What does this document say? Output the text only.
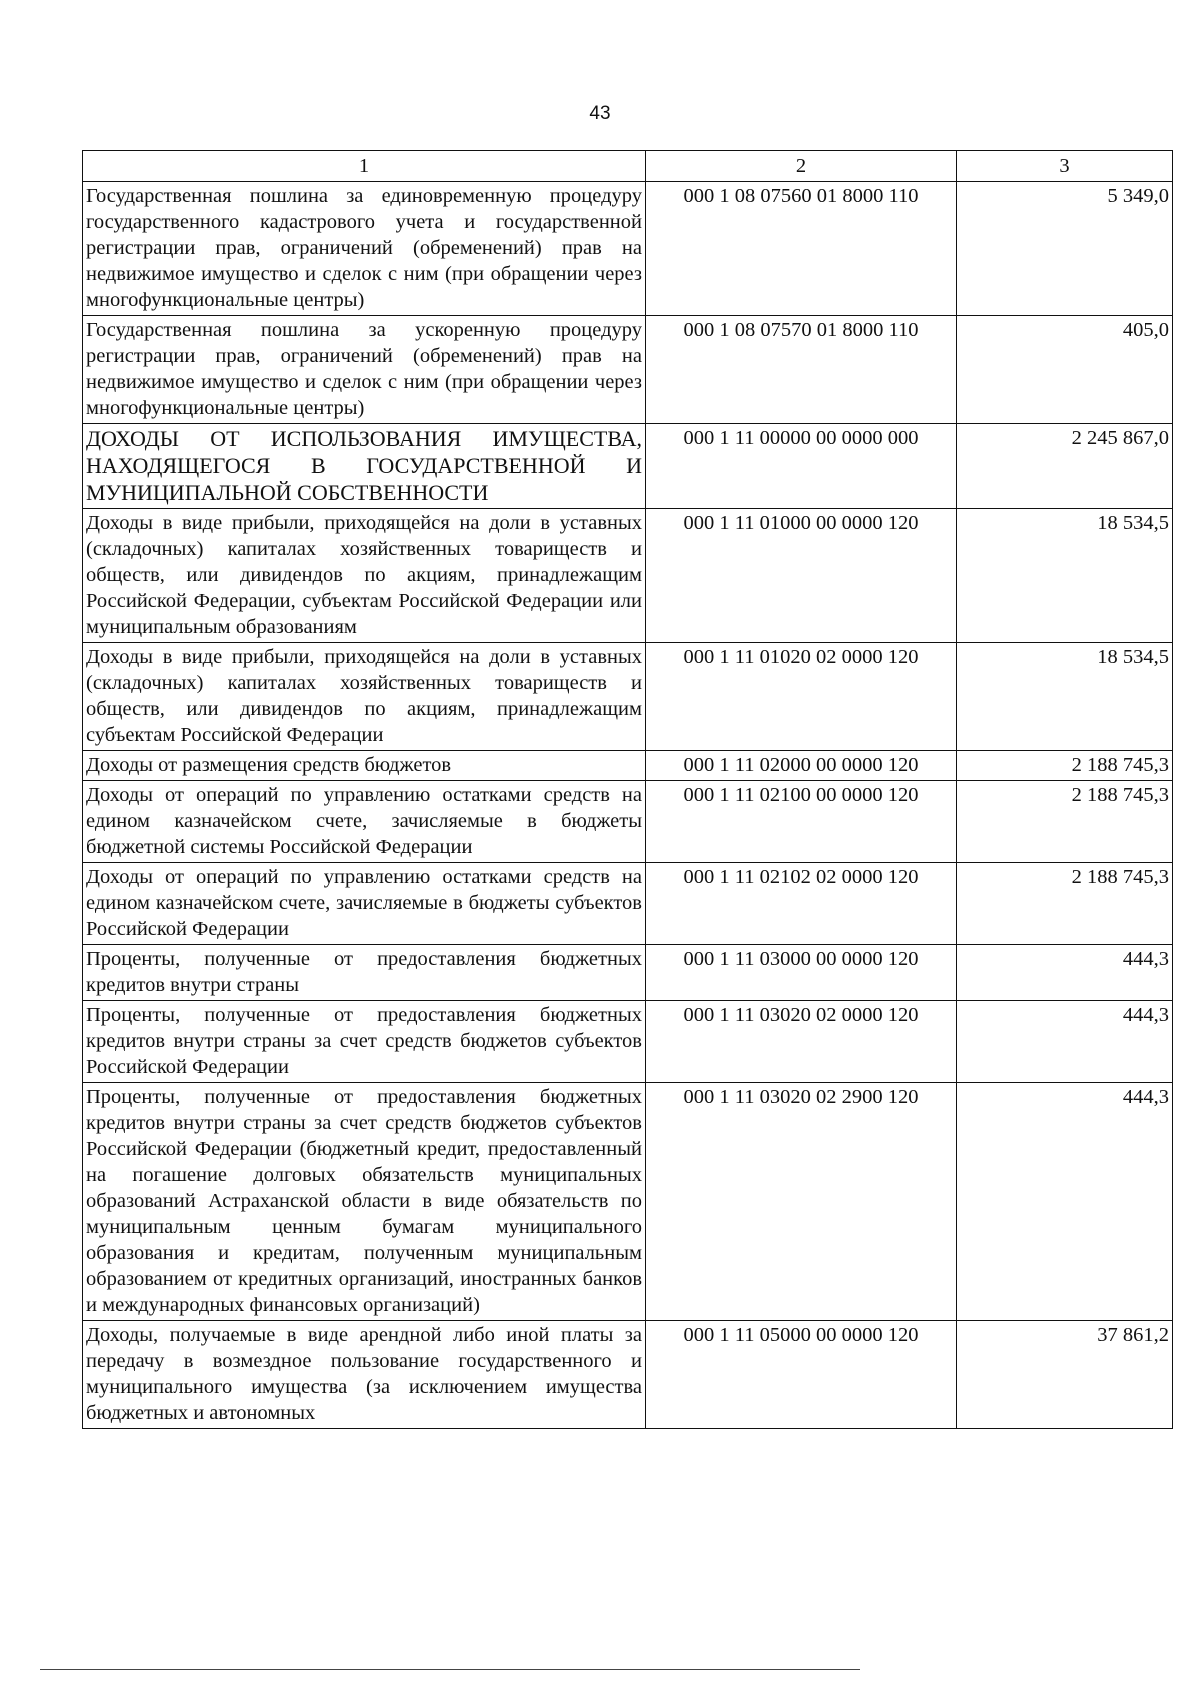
43
1	2	3
Государственная пошлина за единовременную процедуру государственного кадастрового учета и государственной регистрации прав, ограничений (обременений) прав на недвижимое имущество и сделок с ним (при обращении через многофункциональные центры)	000 1 08 07560 01 8000 110	5 349,0
Государственная пошлина за ускоренную процедуру регистрации прав, ограничений (обременений) прав на недвижимое имущество и сделок с ним (при обращении через многофункциональные центры)	000 1 08 07570 01 8000 110	405,0
ДОХОДЫ ОТ ИСПОЛЬЗОВАНИЯ ИМУЩЕСТВА, НАХОДЯЩЕГОСЯ В ГОСУДАРСТВЕННОЙ И МУНИЦИПАЛЬНОЙ СОБСТВЕННОСТИ	000 1 11 00000 00 0000 000	2 245 867,0
Доходы в виде прибыли, приходящейся на доли в уставных (складочных) капиталах хозяйственных товариществ и обществ, или дивидендов по акциям, принадлежащим Российской Федерации, субъектам Российской Федерации или муниципальным образованиям	000 1 11 01000 00 0000 120	18 534,5
Доходы в виде прибыли, приходящейся на доли в уставных (складочных) капиталах хозяйственных товариществ и обществ, или дивидендов по акциям, принадлежащим субъектам Российской Федерации	000 1 11 01020 02 0000 120	18 534,5
Доходы от размещения средств бюджетов	000 1 11 02000 00 0000 120	2 188 745,3
Доходы от операций по управлению остатками средств на едином казначейском счете, зачисляемые в бюджеты бюджетной системы Российской Федерации	000 1 11 02100 00 0000 120	2 188 745,3
Доходы от операций по управлению остатками средств на едином казначейском счете, зачисляемые в бюджеты субъектов Российской Федерации	000 1 11 02102 02 0000 120	2 188 745,3
Проценты, полученные от предоставления бюджетных кредитов внутри страны	000 1 11 03000 00 0000 120	444,3
Проценты, полученные от предоставления бюджетных кредитов внутри страны за счет средств бюджетов субъектов Российской Федерации	000 1 11 03020 02 0000 120	444,3
Проценты, полученные от предоставления бюджетных кредитов внутри страны за счет средств бюджетов субъектов Российской Федерации (бюджетный кредит, предоставленный на погашение долговых обязательств муниципальных образований Астраханской области в виде обязательств по муниципальным ценным бумагам муниципального образования и кредитам, полученным муниципальным образованием от кредитных организаций, иностранных банков и международных финансовых организаций)	000 1 11 03020 02 2900 120	444,3
Доходы, получаемые в виде арендной либо иной платы за передачу в возмездное пользование государственного и муниципального имущества (за исключением имущества бюджетных и автономных	000 1 11 05000 00 0000 120	37 861,2
